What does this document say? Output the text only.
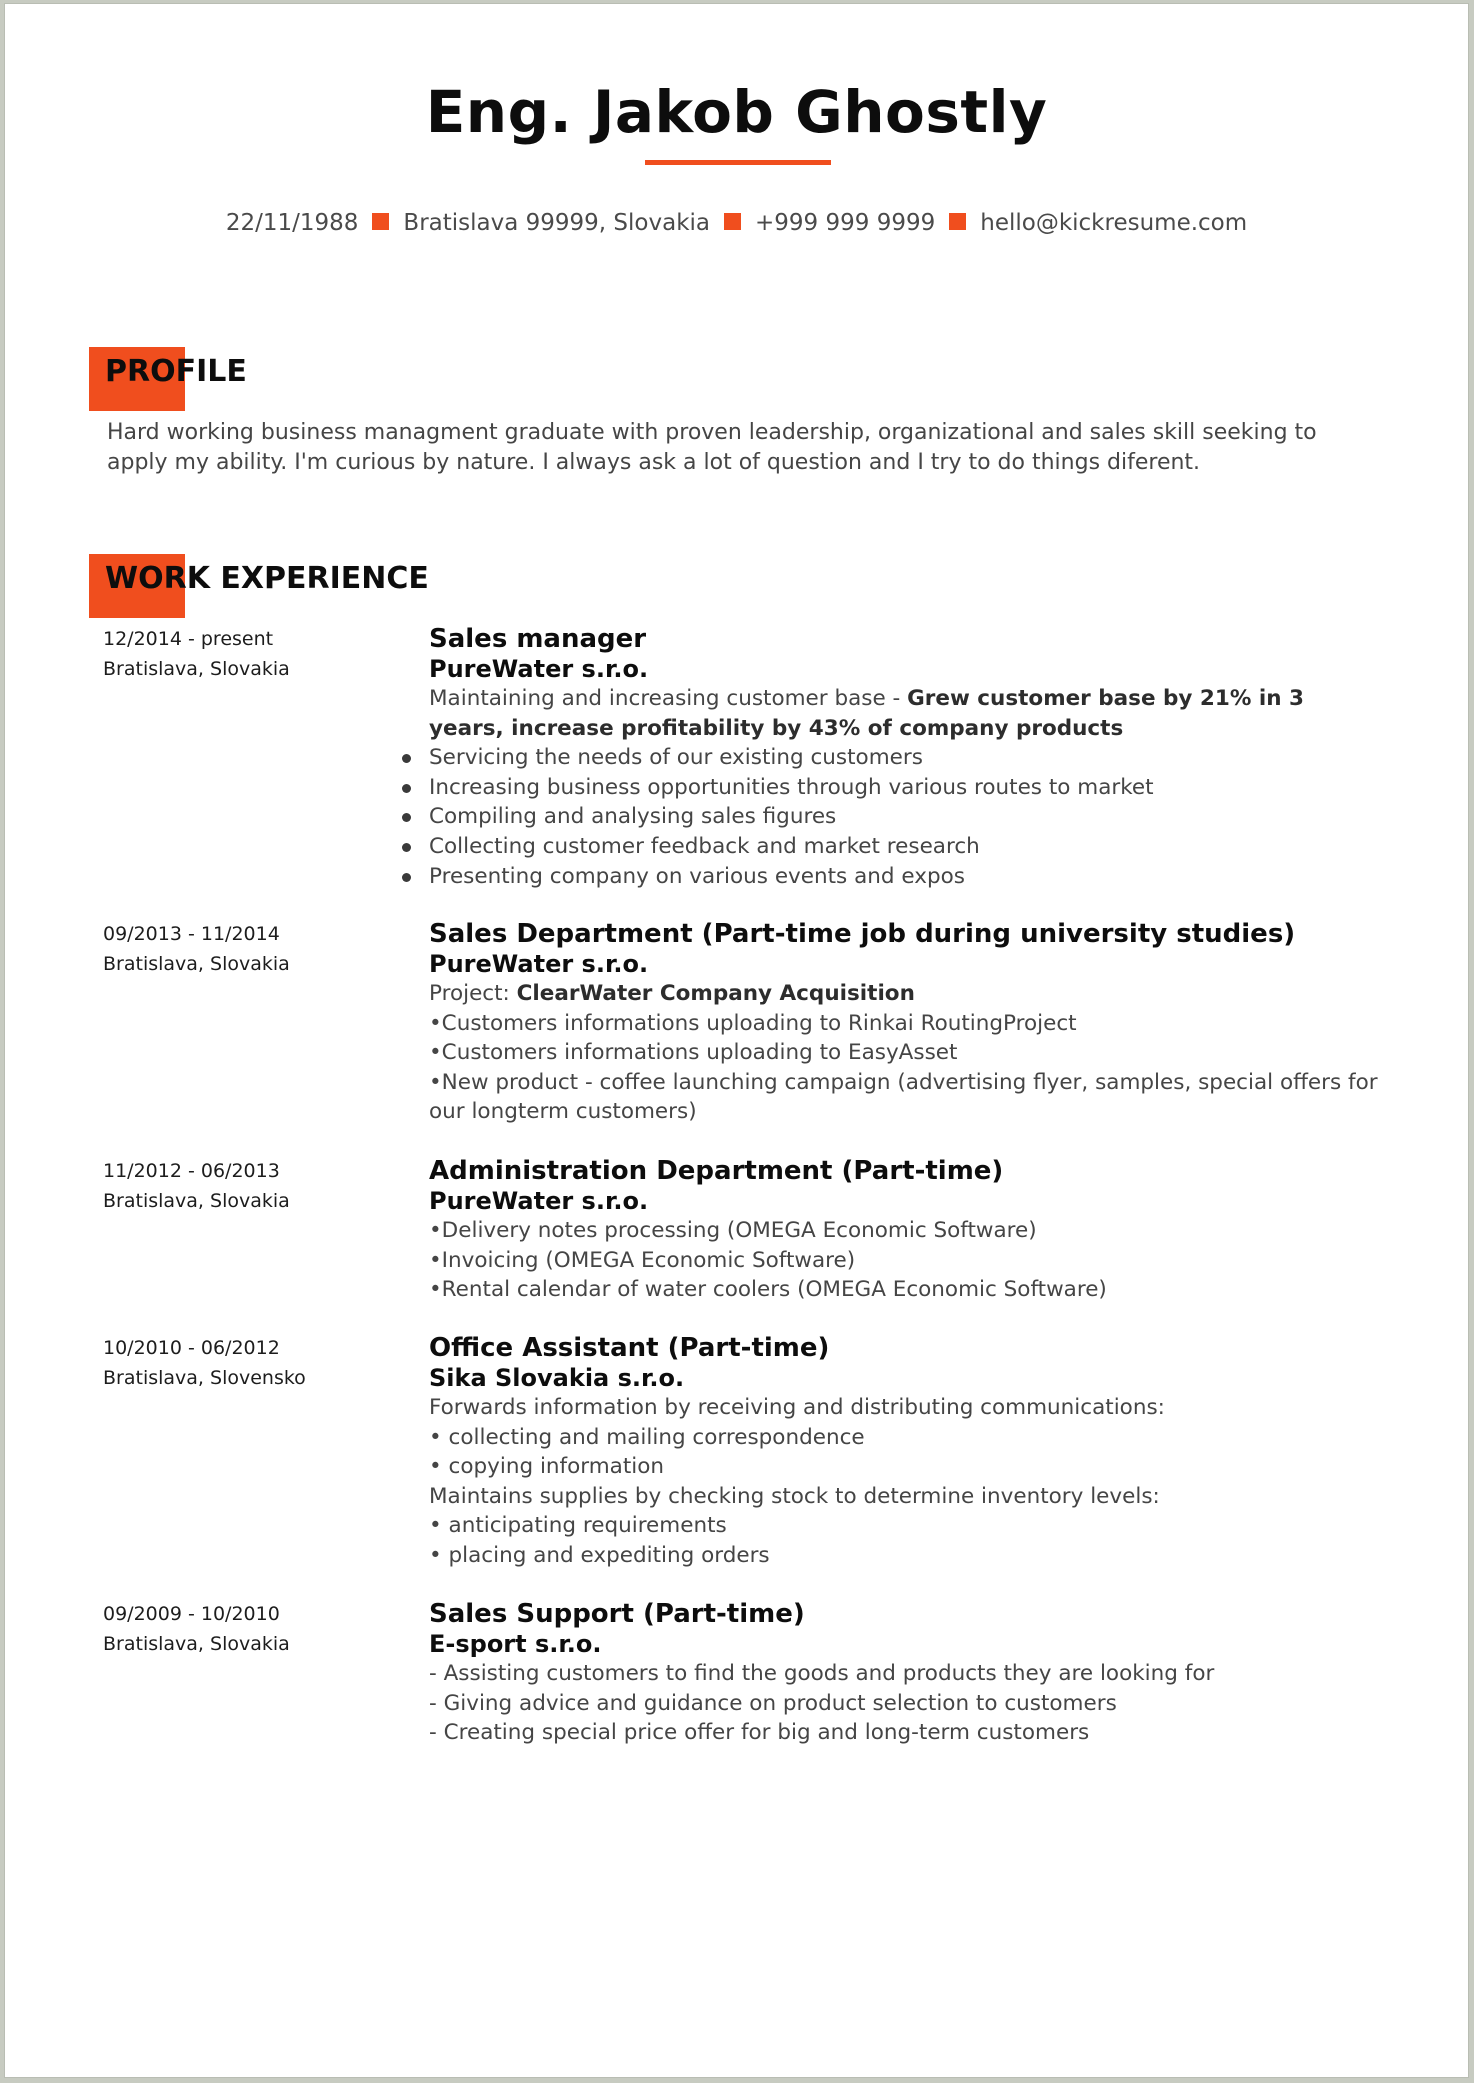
Eng. Jakob Ghostly
22/11/1988 Bratislava 99999, Slovakia +999 999 9999 hello@kickresume.com
PROFILE

Hard working business managment graduate with proven leadership, organizational and sales skill seeking to apply my ability. I'm curious by nature. I always ask a lot of question and I try to do things diferent.

WORK EXPERIENCE
12/2014 - present
Bratislava, Slovakia
Sales manager
PureWater s.r.o.
Maintaining and increasing customer base - Grew customer base by 21% in 3 years, increase profitability by 43% of company products
Servicing the needs of our existing customers
Increasing business opportunities through various routes to market
Compiling and analysing sales figures
Collecting customer feedback and market research
Presenting company on various events and expos
09/2013 - 11/2014
Bratislava, Slovakia
Sales Department (Part-time job during university studies)
PureWater s.r.o.
Project: ClearWater Company Acquisition
•Customers informations uploading to Rinkai RoutingProject
•Customers informations uploading to EasyAsset
•New product - coffee launching campaign (advertising flyer, samples, special offers for our longterm customers)
11/2012 - 06/2013
Bratislava, Slovakia
Administration Department (Part-time)
PureWater s.r.o.
•Delivery notes processing (OMEGA Economic Software)
•Invoicing (OMEGA Economic Software)
•Rental calendar of water coolers (OMEGA Economic Software)
10/2010 - 06/2012
Bratislava, Slovensko
Office Assistant (Part-time)
Sika Slovakia s.r.o.
Forwards information by receiving and distributing communications:
• collecting and mailing correspondence
• copying information
Maintains supplies by checking stock to determine inventory levels:
• anticipating requirements
• placing and expediting orders
09/2009 - 10/2010
Bratislava, Slovakia
Sales Support (Part-time)
E-sport s.r.o.
- Assisting customers to find the goods and products they are looking for
- Giving advice and guidance on product selection to customers
- Creating special price offer for big and long-term customers
